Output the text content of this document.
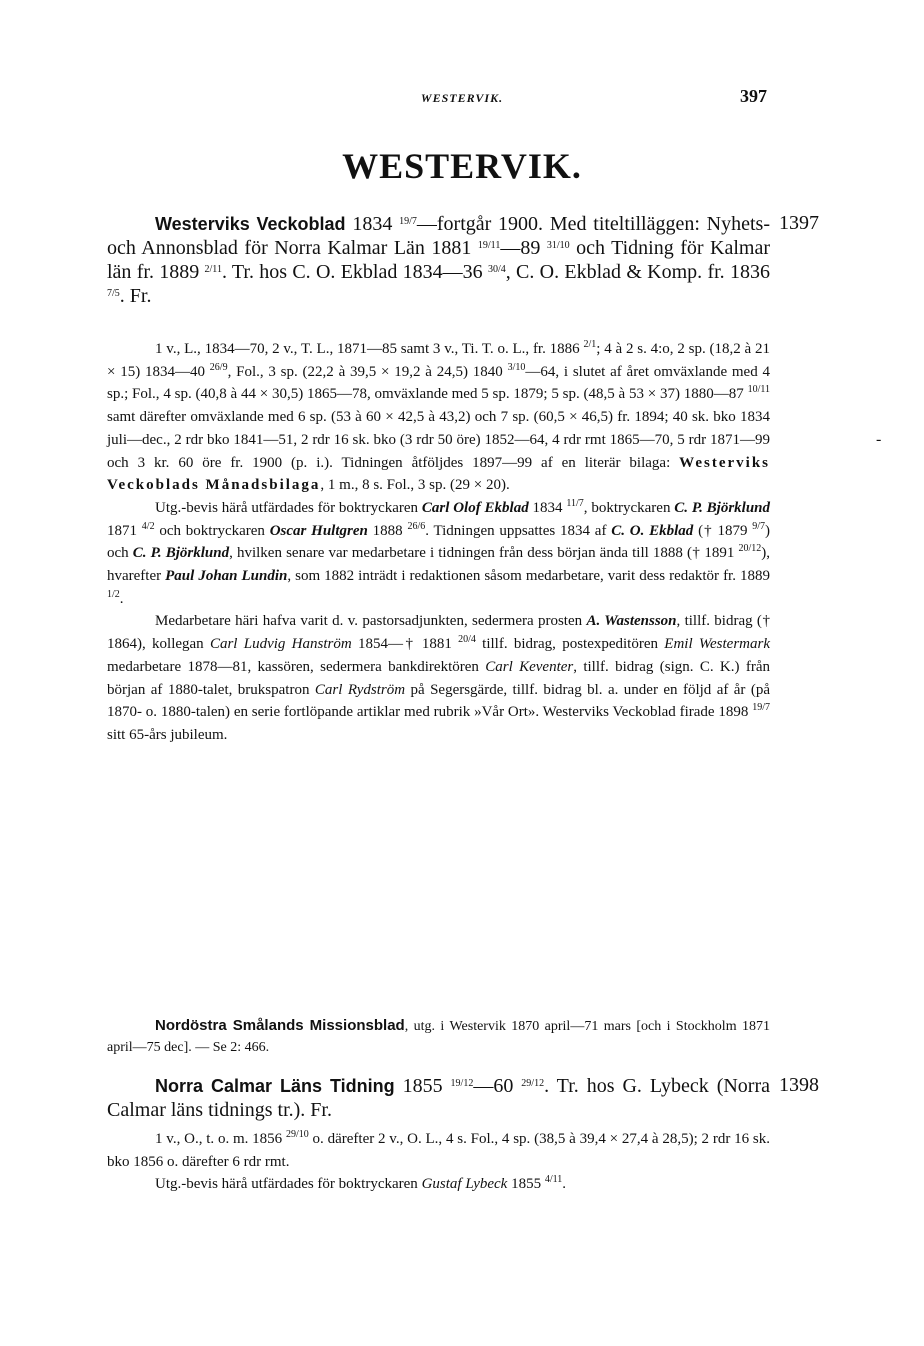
WESTERVIK.	397
WESTERVIK.
1397
Westerviks Veckoblad 1834 $^{19/7}$—fortgår 1900. Med titeltilläggen: Nyhets- och Annonsblad för Norra Kalmar Län 1881 $^{19/11}$—89 $^{31/10}$ och Tidning för Kalmar län fr. 1889 $^{2/11}$. Tr. hos C. O. Ekblad 1834—36 $^{30/4}$, C. O. Ekblad & Komp. fr. 1836 $^{7/5}$. Fr.
1 v., L., 1834—70, 2 v., T. L., 1871—85 samt 3 v., Ti. T. o. L., fr. 1886 $^{2/1}$; 4 à 2 s. 4:o, 2 sp. (18,2 à 21 × 15) 1834—40 $^{26/9}$, Fol., 3 sp. (22,2 à 39,5 × 19,2 à 24,5) 1840 $^{3/10}$—64, i slutet af året omväxlande med 4 sp.; Fol., 4 sp. (40,8 à 44 × 30,5) 1865—78, omväxlande med 5 sp. 1879; 5 sp. (48,5 à 53 × 37) 1880—87 $^{10/11}$ samt därefter omväxlande med 6 sp. (53 à 60 × 42,5 à 43,2) och 7 sp. (60,5 × 46,5) fr. 1894; 40 sk. bko 1834 juli—dec., 2 rdr bko 1841—51, 2 rdr 16 sk. bko (3 rdr 50 öre) 1852—64, 4 rdr rmt 1865—70, 5 rdr 1871—99 och 3 kr. 60 öre fr. 1900 (p. i.). Tidningen åtföljdes 1897—99 af en literär bilaga: Westerviks Veckoblads Månadsbilaga, 1 m., 8 s. Fol., 3 sp. (29 × 20).
Utg.-bevis härå utfärdades för boktryckaren Carl Olof Ekblad 1834 $^{11/7}$, boktryckaren C. P. Björklund 1871 $^{4/2}$ och boktryckaren Oscar Hultgren 1888 $^{26/6}$. Tidningen uppsattes 1834 af C. O. Ekblad († 1879 $^{9/7}$) och C. P. Björklund, hvilken senare var medarbetare i tidningen från dess början ända till 1888 († 1891 $^{20/12}$), hvarefter Paul Johan Lundin, som 1882 inträdt i redaktionen såsom medarbetare, varit dess redaktör fr. 1889 $^{1/2}$.
Medarbetare häri hafva varit d. v. pastorsadjunkten, sedermera prosten A. Wastensson, tillf. bidrag († 1864), kollegan Carl Ludvig Hanström 1854—† 1881 $^{20/4}$ tillf. bidrag, postexpeditören Emil Westermark medarbetare 1878—81, kassören, sedermera bankdirektören Carl Keventer, tillf. bidrag (sign. C. K.) från början af 1880-talet, brukspatron Carl Rydström på Segersgärde, tillf. bidrag bl. a. under en följd af år (på 1870- o. 1880-talen) en serie fortlöpande artiklar med rubrik »Vår Ort». Westerviks Veckoblad firade 1898 $^{19/7}$ sitt 65-års jubileum.
-
Nordöstra Smålands Missionsblad, utg. i Westervik 1870 april—71 mars [och i Stockholm 1871 april—75 dec]. — Se 2: 466.
1398
Norra Calmar Läns Tidning 1855 $^{19/12}$—60 $^{29/12}$. Tr. hos G. Lybeck (Norra Calmar läns tidnings tr.). Fr.
1 v., O., t. o. m. 1856 $^{29/10}$ o. därefter 2 v., O. L., 4 s. Fol., 4 sp. (38,5 à 39,4 × 27,4 à 28,5); 2 rdr 16 sk. bko 1856 o. därefter 6 rdr rmt.
Utg.-bevis härå utfärdades för boktryckaren Gustaf Lybeck 1855 $^{4/11}$.
